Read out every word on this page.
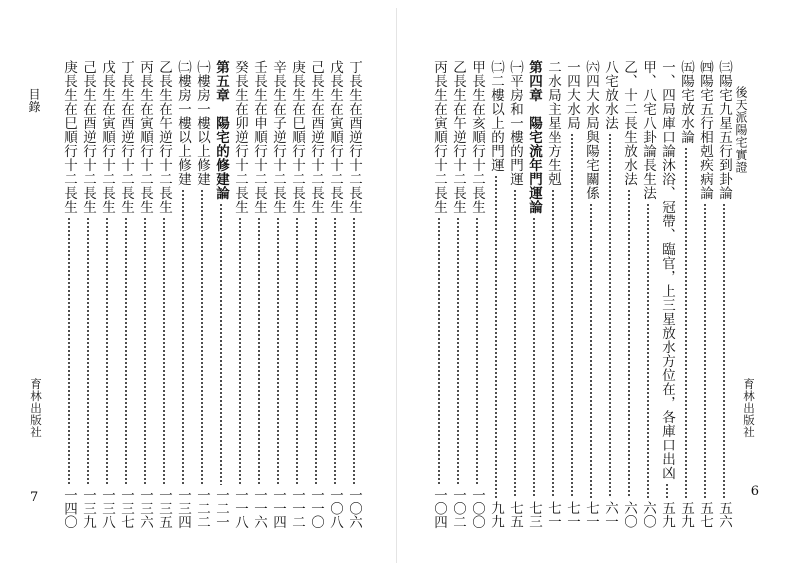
後天派陽宅實證
育林出版社
6
㈢陽宅九星五行到卦論
五六
㈣陽宅五行相剋疾病論
五七
㈤陽宅放水論
五九
一、四局庫口論沐浴、冠帶、臨官，上三星放水方位在，各庫口出凶
五九
甲、八宅八卦論長生法
六〇
乙、十二長生放水法
六〇
八宅放水法
六一
㈥四大水局與陽宅關係
七一
一四大水局
七一
二水局主星坐方生剋
七一
第四章　陽宅流年門運論
七三
㈠平房和一樓的門運
七五
㈡二樓以上的門運
九九
甲長生在亥順行十二長生
一〇〇
乙長生在午逆行十二長生
一〇二
丙長生在寅順行十二長生
一〇四
目錄
育林出版社
7
丁長生在酉逆行十二長生
一〇六
戊長生在寅順行十二長生
一〇八
己長生在酉逆行十二長生
一一〇
庚長生在巳順行十二長生
一一二
辛長生在子逆行十二長生
一一四
壬長生在申順行十二長生
一一六
癸長生在卯逆行十二長生
一一八
第五章　陽宅的修建論
一二一
㈠樓房一樓以上修建
一二二
㈡樓房一樓以上修建
一三四
乙長生在午逆行十二長生
一三五
丙長生在寅順行十二長生
一三六
丁長生在酉逆行十二長生
一三七
戊長生在寅順行十二長生
一三八
己長生在酉逆行十二長生
一三九
庚長生在巳順行十二長生
一四〇
